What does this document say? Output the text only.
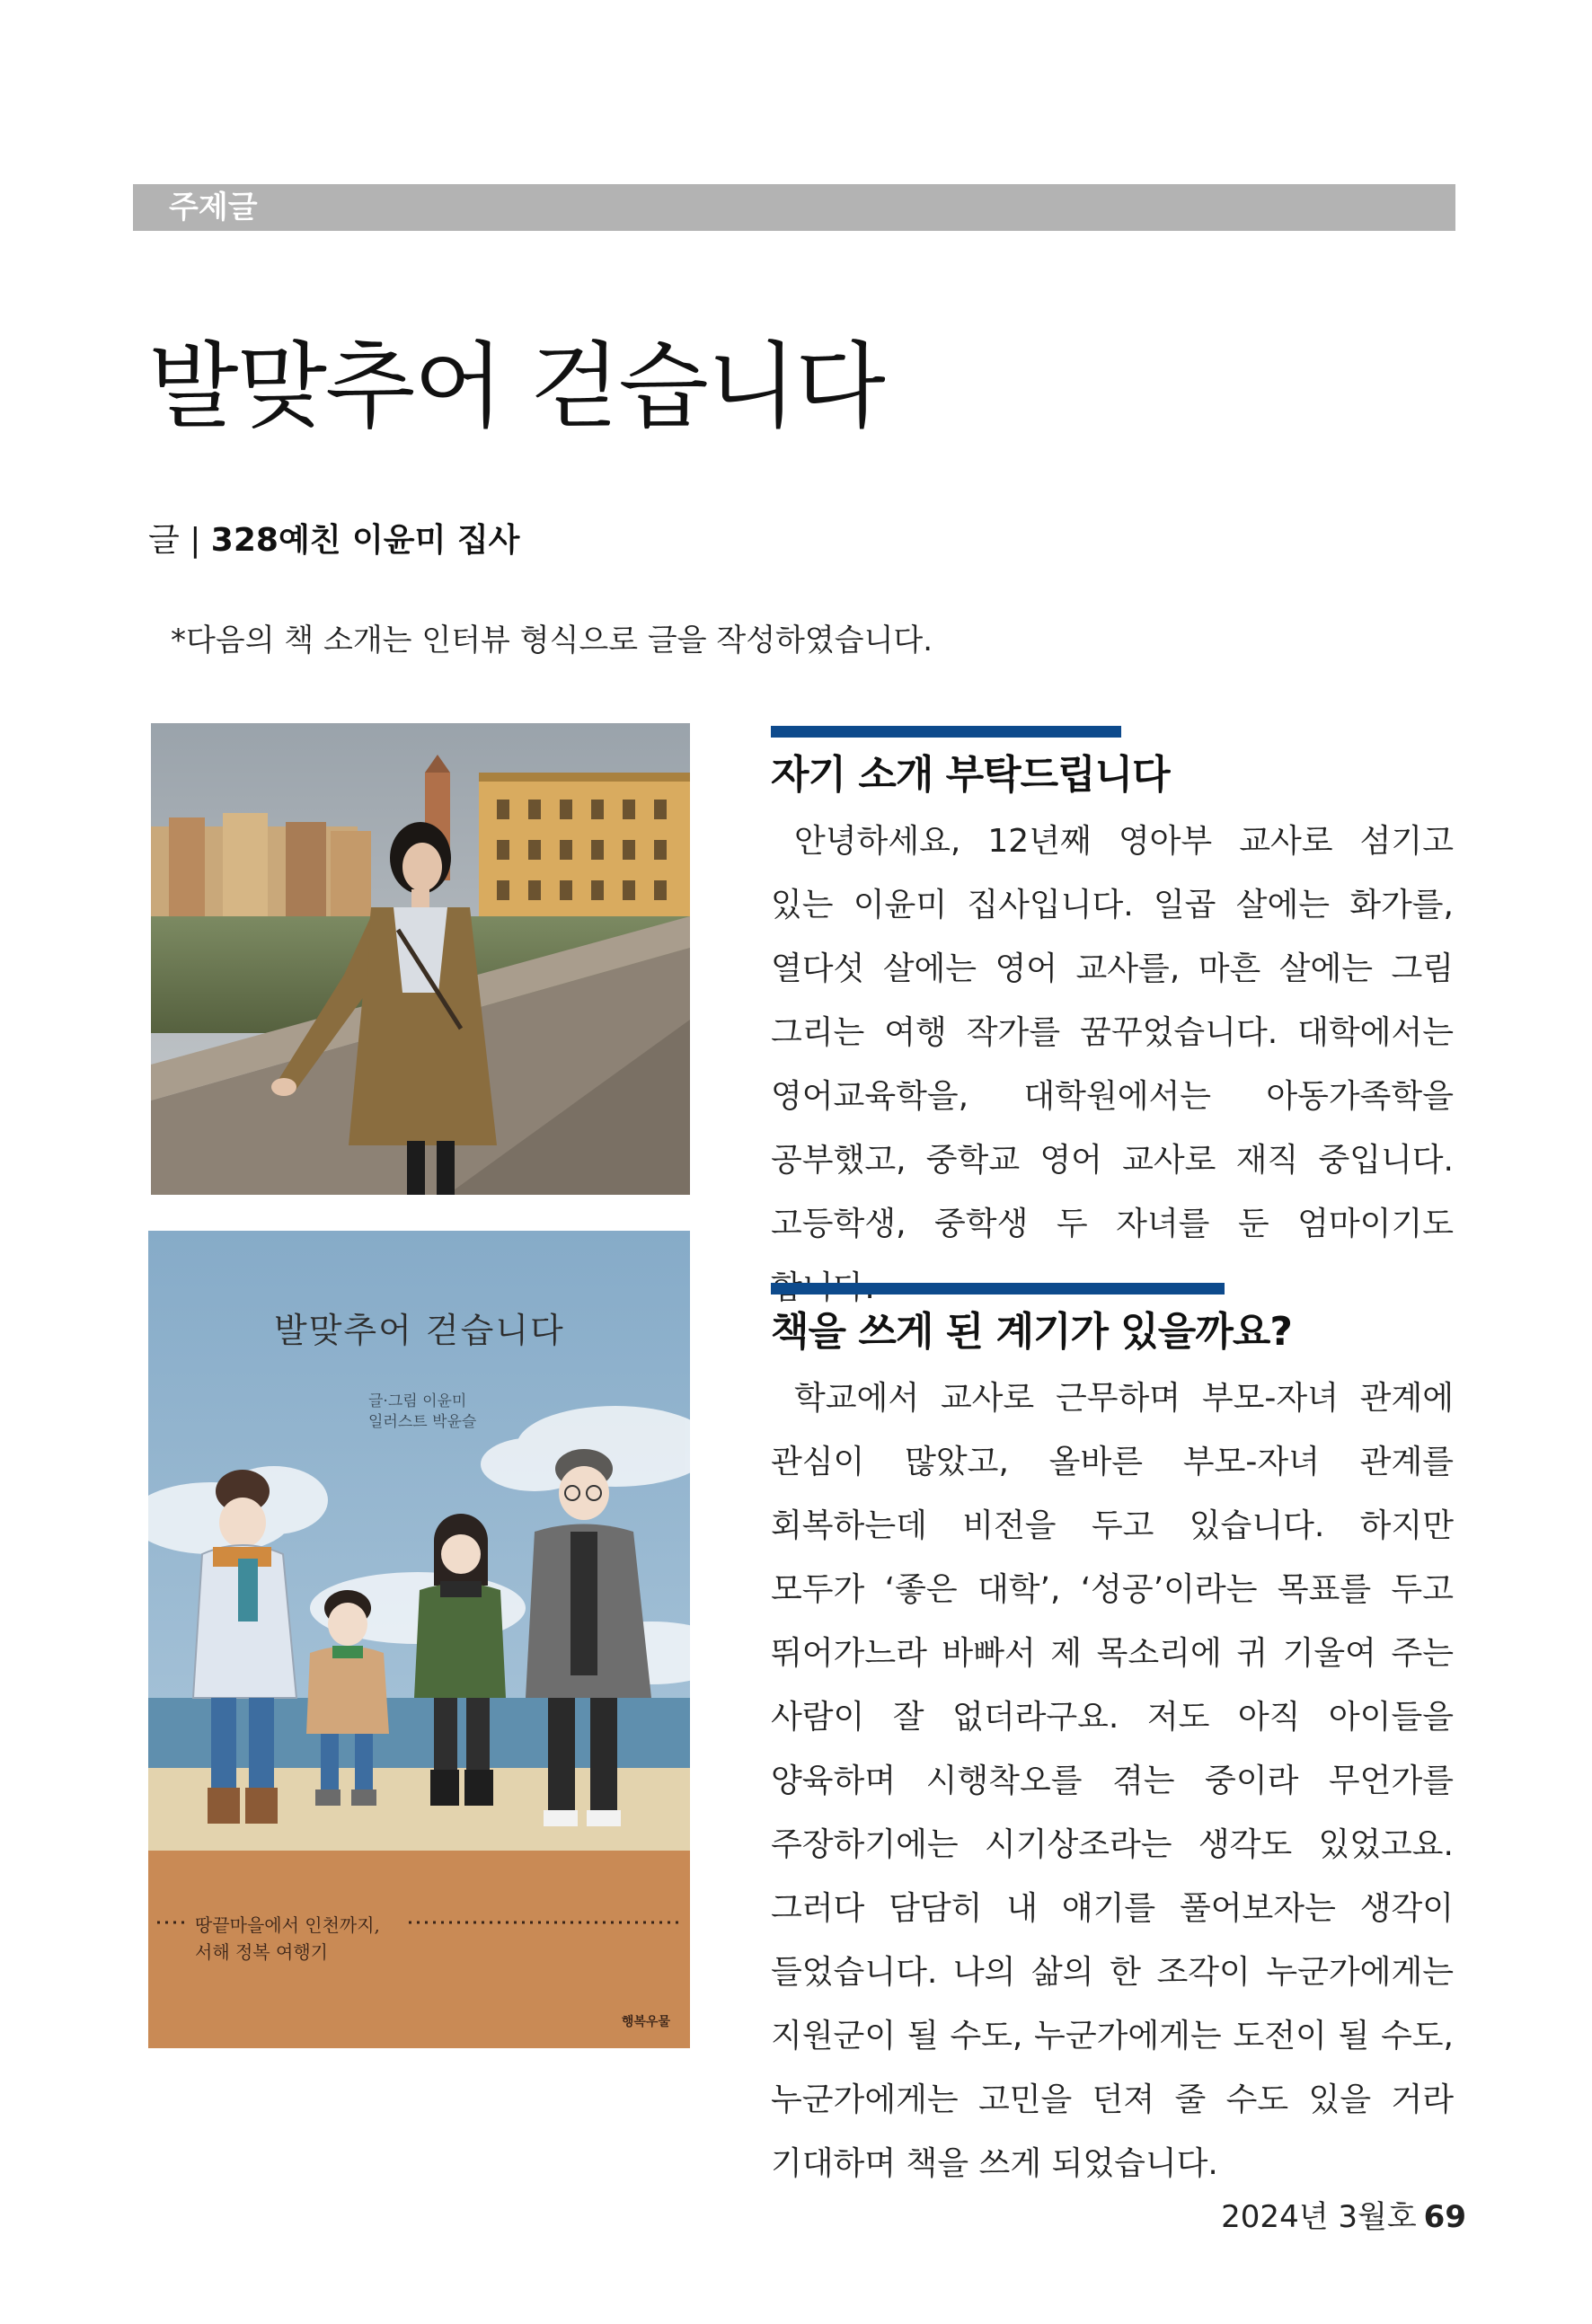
주제글
발맞추어 걷습니다
글 | 328예친 이윤미 집사
*다음의 책 소개는 인터뷰 형식으로 글을 작성하였습니다.
발맞추어 걷습니다
글·그림 이윤미
일러스트 박윤슬
땅끝마을에서 인천까지,
서해 정복 여행기
행복우물
자기 소개 부탁드립니다

안녕하세요, 12년째 영아부 교사로 섬기고 있는 이윤미 집사입니다. 일곱 살에는 화가를, 열다섯 살에는 영어 교사를, 마흔 살에는 그림 그리는 여행 작가를 꿈꾸었습니다. 대학에서는 영어교육학을, 대학원에서는 아동가족학을 공부했고, 중학교 영어 교사로 재직 중입니다. 고등학생, 중학생 두 자녀를 둔 엄마이기도

책을 쓰게 된 계기가 있을까요?

학교에서 교사로 근무하며 부모-자녀 관계에 관심이 많았고, 올바른 부모-자녀 관계를 회복하는데 비전을 두고 있습니다. 하지만 모두가 ‘좋은 대학’, ‘성공’이라는 목표를 두고 뛰어가느라 바빠서 제 목소리에 귀 기울여 주는 사람이 잘 없더라구요. 저도 아직 아이들을 양육하며 시행착오를 겪는 중이라 무언가를 주장하기에는 시기상조라는 생각도 있었고요. 그러다 담담히 내 얘기를 풀어보자는 생각이 들었습니다. 나의 삶의 한 조각이 누군가에게는 지원군이 될 수도, 누군가에게는 도전이 될 수도, 누군가에게는 고민을 던져 줄 수도 있을 거라 기대하며 책을 쓰게 되었습니다.

2024년 3월호 69
